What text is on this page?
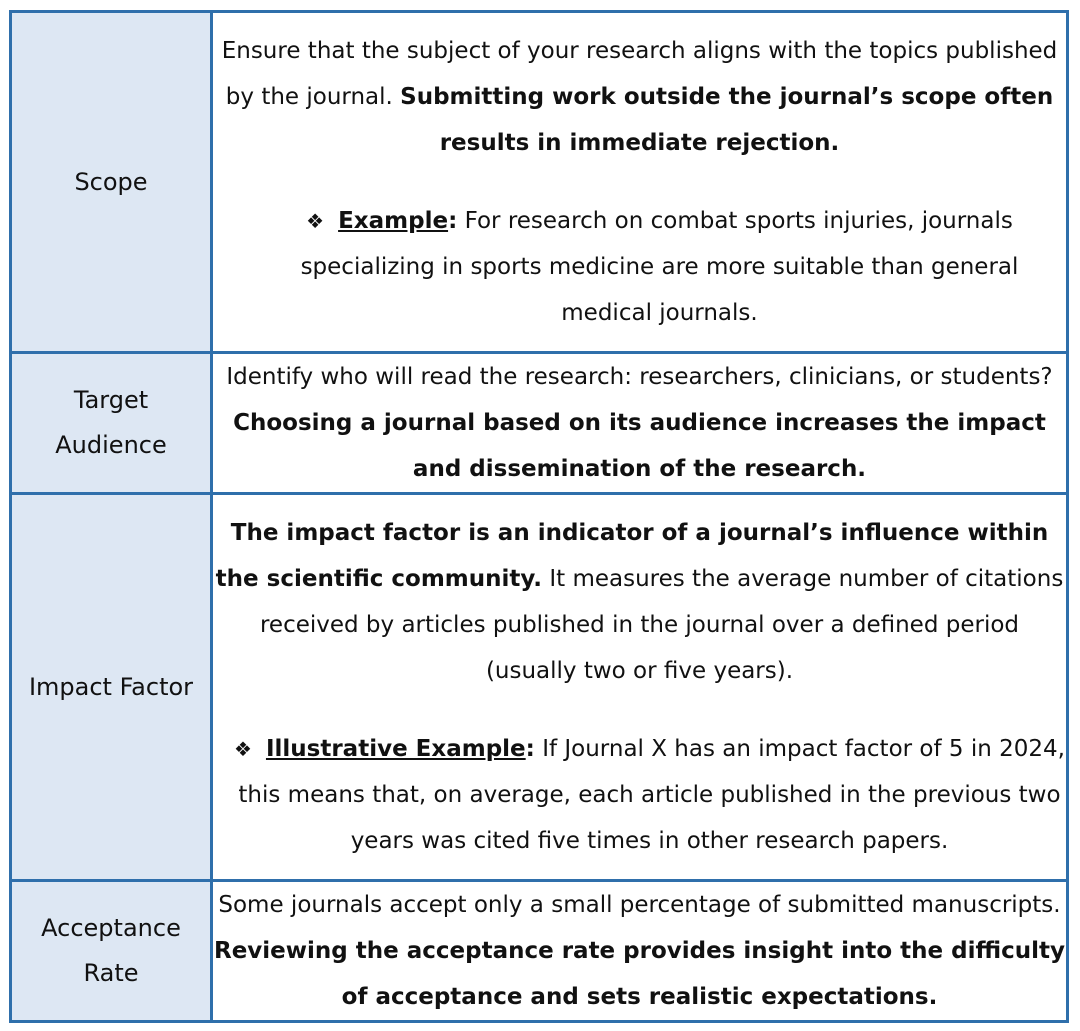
Scope	Ensure that the subject of your research aligns with the topics published by the journal. Submitting work outside the journal’s scope often results in immediate rejection.

❖ Example: For research on combat sports injuries, journals specializing in sports medicine are more suitable than general medical journals.

Target Audience	Identify who will read the research: researchers, clinicians, or students? Choosing a journal based on its audience increases the impact and dissemination of the research.

Impact Factor	The impact factor is an indicator of a journal’s influence within the scientific community. It measures the average number of citations received by articles published in the journal over a defined period (usually two or five years).

❖ Illustrative Example: If Journal X has an impact factor of 5 in 2024, this means that, on average, each article published in the previous two years was cited five times in other research papers.

Acceptance Rate	Some journals accept only a small percentage of submitted manuscripts. Reviewing the acceptance rate provides insight into the difficulty of acceptance and sets realistic expectations.
